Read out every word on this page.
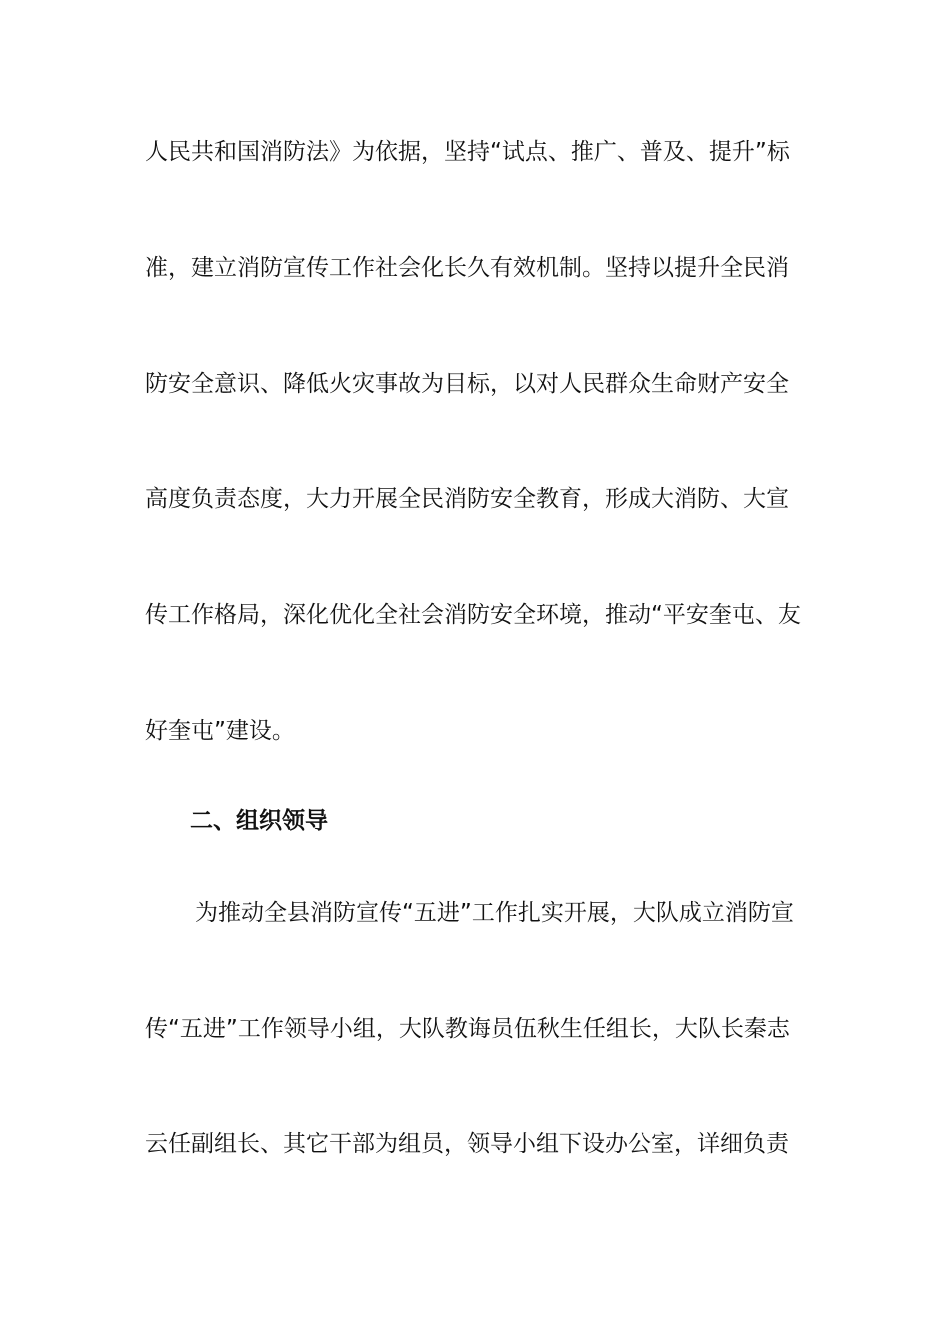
人民共和国消防法》为依据，坚持“试点、推广、普及、提升”标
准，建立消防宣传工作社会化长久有效机制。坚持以提升全民消
防安全意识、降低火灾事故为目标，以对人民群众生命财产安全
高度负责态度，大力开展全民消防安全教育，形成大消防、大宣
传工作格局，深化优化全社会消防安全环境，推动“平安奎屯、友
好奎屯”建设。
二、组织领导
为推动全县消防宣传“五进”工作扎实开展，大队成立消防宣
传“五进”工作领导小组，大队教诲员伍秋生任组长，大队长秦志
云任副组长、其它干部为组员，领导小组下设办公室，详细负责
